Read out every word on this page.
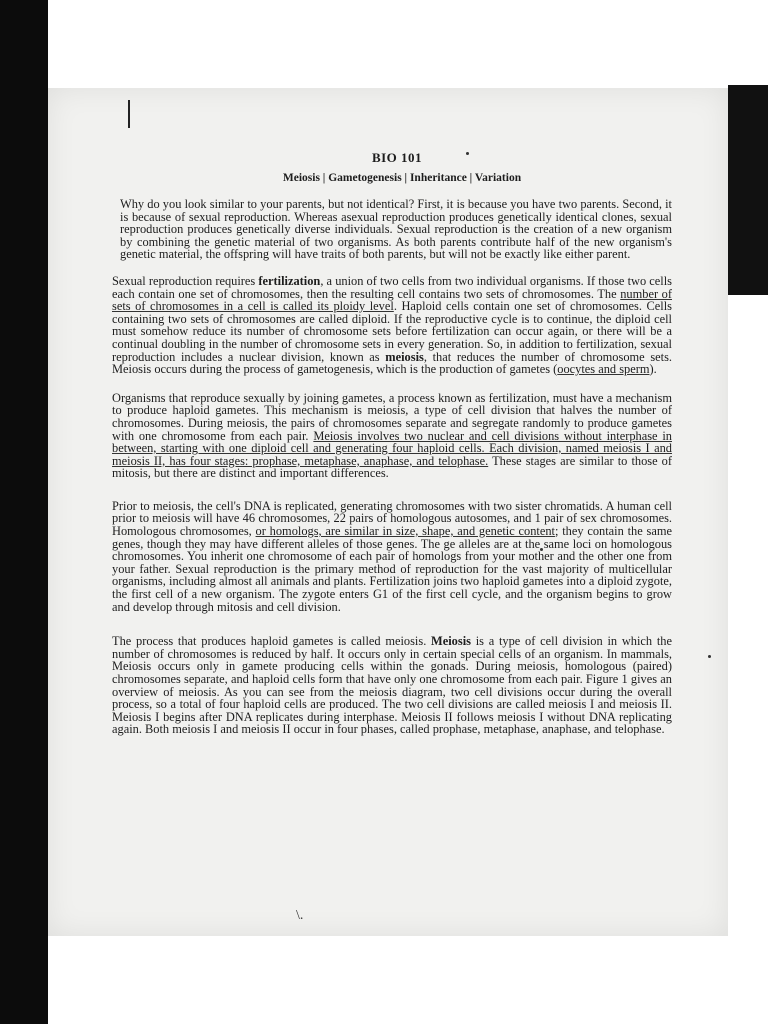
BIO 101
Meiosis | Gametogenesis | Inheritance | Variation
Why do you look similar to your parents, but not identical? First, it is because you have two parents. Second, it is because of sexual reproduction. Whereas asexual reproduction produces genetically identical clones, sexual reproduction produces genetically diverse individuals. Sexual reproduction is the creation of a new organism by combining the genetic material of two organisms. As both parents contribute half of the new organism's genetic material, the offspring will have traits of both parents, but will not be exactly like either parent.
Sexual reproduction requires fertilization, a union of two cells from two individual organisms. If those two cells each contain one set of chromosomes, then the resulting cell contains two sets of chromosomes. The number of sets of chromosomes in a cell is called its ploidy level. Haploid cells contain one set of chromosomes. Cells containing two sets of chromosomes are called diploid. If the reproductive cycle is to continue, the diploid cell must somehow reduce its number of chromosome sets before fertilization can occur again, or there will be a continual doubling in the number of chromosome sets in every generation. So, in addition to fertilization, sexual reproduction includes a nuclear division, known as meiosis, that reduces the number of chromosome sets. Meiosis occurs during the process of gametogenesis, which is the production of gametes (oocytes and sperm).
Organisms that reproduce sexually by joining gametes, a process known as fertilization, must have a mechanism to produce haploid gametes. This mechanism is meiosis, a type of cell division that halves the number of chromosomes. During meiosis, the pairs of chromosomes separate and segregate randomly to produce gametes with one chromosome from each pair. Meiosis involves two nuclear and cell divisions without interphase in between, starting with one diploid cell and generating four haploid cells. Each division, named meiosis I and meiosis II, has four stages: prophase, metaphase, anaphase, and telophase. These stages are similar to those of mitosis, but there are distinct and important differences.
Prior to meiosis, the cell's DNA is replicated, generating chromosomes with two sister chromatids. A human cell prior to meiosis will have 46 chromosomes, 22 pairs of homologous autosomes, and 1 pair of sex chromosomes. Homologous chromosomes, or homologs, are similar in size, shape, and genetic content; they contain the same genes, though they may have different alleles of those genes. The ge alleles are at the same loci on homologous chromosomes. You inherit one chromosome of each pair of homologs from your mother and the other one from your father. Sexual reproduction is the primary method of reproduction for the vast majority of multicellular organisms, including almost all animals and plants. Fertilization joins two haploid gametes into a diploid zygote, the first cell of a new organism. The zygote enters G1 of the first cell cycle, and the organism begins to grow and develop through mitosis and cell division.
The process that produces haploid gametes is called meiosis. Meiosis is a type of cell division in which the number of chromosomes is reduced by half. It occurs only in certain special cells of an organism. In mammals, Meiosis occurs only in gamete producing cells within the gonads. During meiosis, homologous (paired) chromosomes separate, and haploid cells form that have only one chromosome from each pair. Figure 1 gives an overview of meiosis. As you can see from the meiosis diagram, two cell divisions occur during the overall process, so a total of four haploid cells are produced. The two cell divisions are called meiosis I and meiosis II. Meiosis I begins after DNA replicates during interphase. Meiosis II follows meiosis I without DNA replicating again. Both meiosis I and meiosis II occur in four phases, called prophase, metaphase, anaphase, and telophase.
\.
